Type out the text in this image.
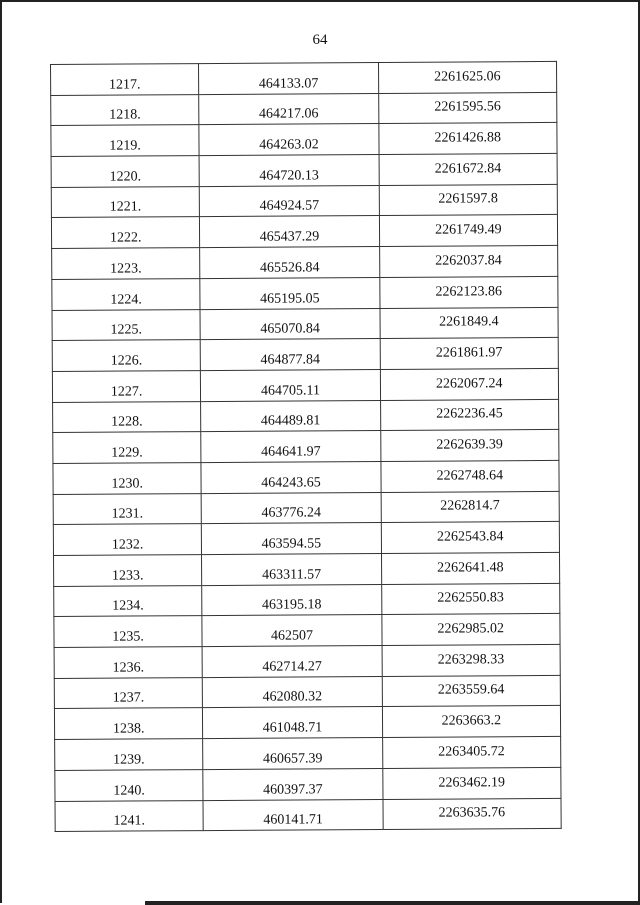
64
1217.	464133.07	2261625.06
1218.	464217.06	2261595.56
1219.	464263.02	2261426.88
1220.	464720.13	2261672.84
1221.	464924.57	2261597.8
1222.	465437.29	2261749.49
1223.	465526.84	2262037.84
1224.	465195.05	2262123.86
1225.	465070.84	2261849.4
1226.	464877.84	2261861.97
1227.	464705.11	2262067.24
1228.	464489.81	2262236.45
1229.	464641.97	2262639.39
1230.	464243.65	2262748.64
1231.	463776.24	2262814.7
1232.	463594.55	2262543.84
1233.	463311.57	2262641.48
1234.	463195.18	2262550.83
1235.	462507	2262985.02
1236.	462714.27	2263298.33
1237.	462080.32	2263559.64
1238.	461048.71	2263663.2
1239.	460657.39	2263405.72
1240.	460397.37	2263462.19
1241.	460141.71	2263635.76
